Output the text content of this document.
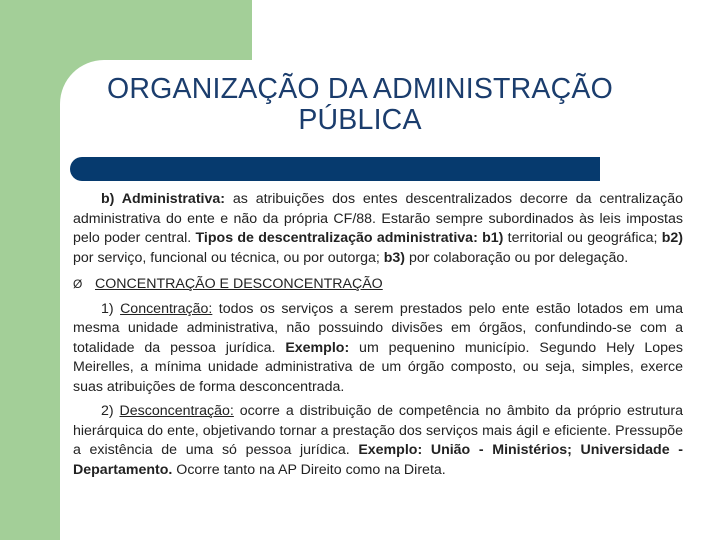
ORGANIZAÇÃO DA ADMINISTRAÇÃO
PÚBLICA

b) Administrativa: as atribuições dos entes descentralizados decorre da centralização administrativa do ente e não da própria CF/88. Estarão sempre subordinados às leis impostas pelo poder central. Tipos de descentralização administrativa: b1) territorial ou geográfica; b2) por serviço, funcional ou técnica, ou por outorga; b3) por colaboração ou por delegação.

Ø CONCENTRAÇÃO E DESCONCENTRAÇÃO

1) Concentração: todos os serviços a serem prestados pelo ente estão lotados em uma mesma unidade administrativa, não possuindo divisões em órgãos, confundindo-se com a totalidade da pessoa jurídica. Exemplo: um pequenino município. Segundo Hely Lopes Meirelles, a mínima unidade administrativa de um órgão composto, ou seja, simples, exerce suas atribuições de forma desconcentrada.

2) Desconcentração: ocorre a distribuição de competência no âmbito da próprio estrutura hierárquica do ente, objetivando tornar a prestação dos serviços mais ágil e eficiente. Pressupõe a existência de uma só pessoa jurídica. Exemplo: União - Ministérios; Universidade - Departamento. Ocorre tanto na AP Direito como na Direta.
